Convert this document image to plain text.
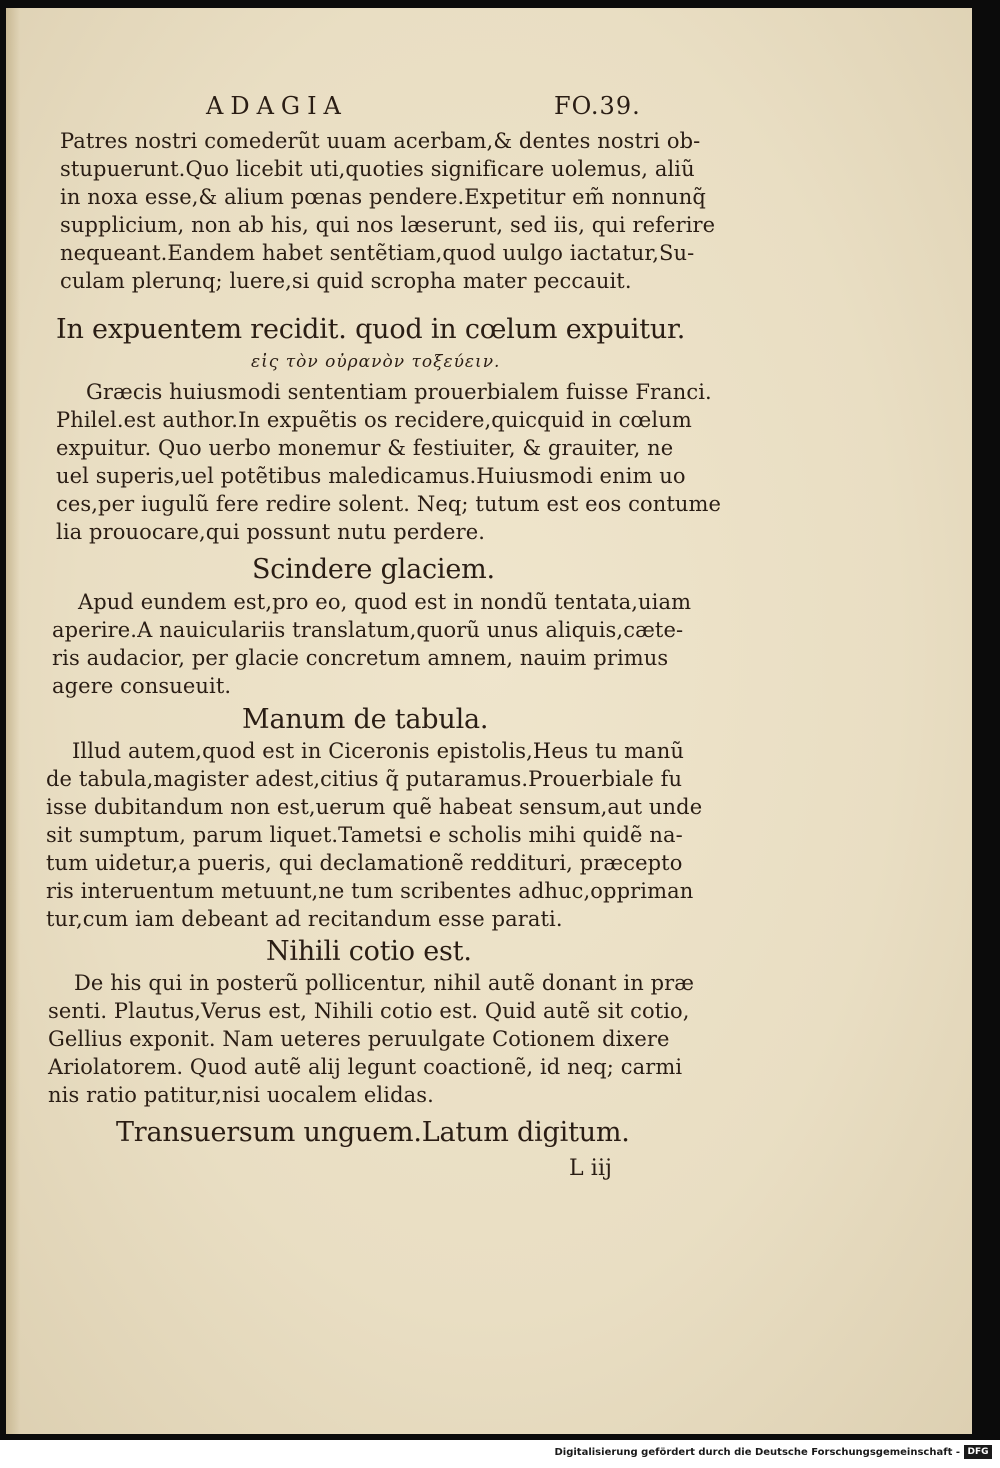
ADAGIA	FO.39.
Patres nostri comederũt uuam acerbam,& dentes nostri ob-
stupuerunt.Quo licebit uti,quoties significare uolemus, aliũ
in noxa esse,& alium pœnas pendere.Expetitur em̃ nonnunq̃
supplicium, non ab his, qui nos læserunt, sed iis, qui referire
nequeant.Eandem habet sentẽtiam,quod uulgo iactatur,Su-
culam plerunq; luere,si quid scropha mater peccauit.
In expuentem recidit. quod in cœlum expuitur.
εἰς τὸν οὐρανὸν τοξεύειν.
Græcis huiusmodi sententiam prouerbialem fuisse Franci.
Philel.est author.In expuẽtis os recidere,quicquid in cœlum
expuitur. Quo uerbo monemur & festiuiter, & grauiter, ne
uel superis,uel potẽtibus maledicamus.Huiusmodi enim uo
ces,per iugulũ fere redire solent. Neq; tutum est eos contume
lia prouocare,qui possunt nutu perdere.
Scindere glaciem.
Apud eundem est,pro eo, quod est in nondũ tentata,uiam
aperire.A nauiculariis translatum,quorũ unus aliquis,cæte-
ris audacior, per glacie concretum amnem, nauim primus
agere consueuit.
Manum de tabula.
Illud autem,quod est in Ciceronis epistolis,Heus tu manũ
de tabula,magister adest,citius q̃ putaramus.Prouerbiale fu
isse dubitandum non est,uerum quẽ habeat sensum,aut unde
sit sumptum, parum liquet.Tametsi e scholis mihi quidẽ na-
tum uidetur,a pueris, qui declamationẽ reddituri, præcepto
ris interuentum metuunt,ne tum scribentes adhuc,oppriman
tur,cum iam debeant ad recitandum esse parati.
Nihili cotio est.
De his qui in posterũ pollicentur, nihil autẽ donant in præ
senti. Plautus,Verus est, Nihili cotio est. Quid autẽ sit cotio,
Gellius exponit. Nam ueteres peruulgate Cotionem dixere
Ariolatorem. Quod autẽ alij legunt coactionẽ, id neq; carmi
nis ratio patitur,nisi uocalem elidas.
Transuersum unguem.Latum digitum.
L iij
Digitalisierung gefördert durch die Deutsche Forschungsgemeinschaft - DFG
